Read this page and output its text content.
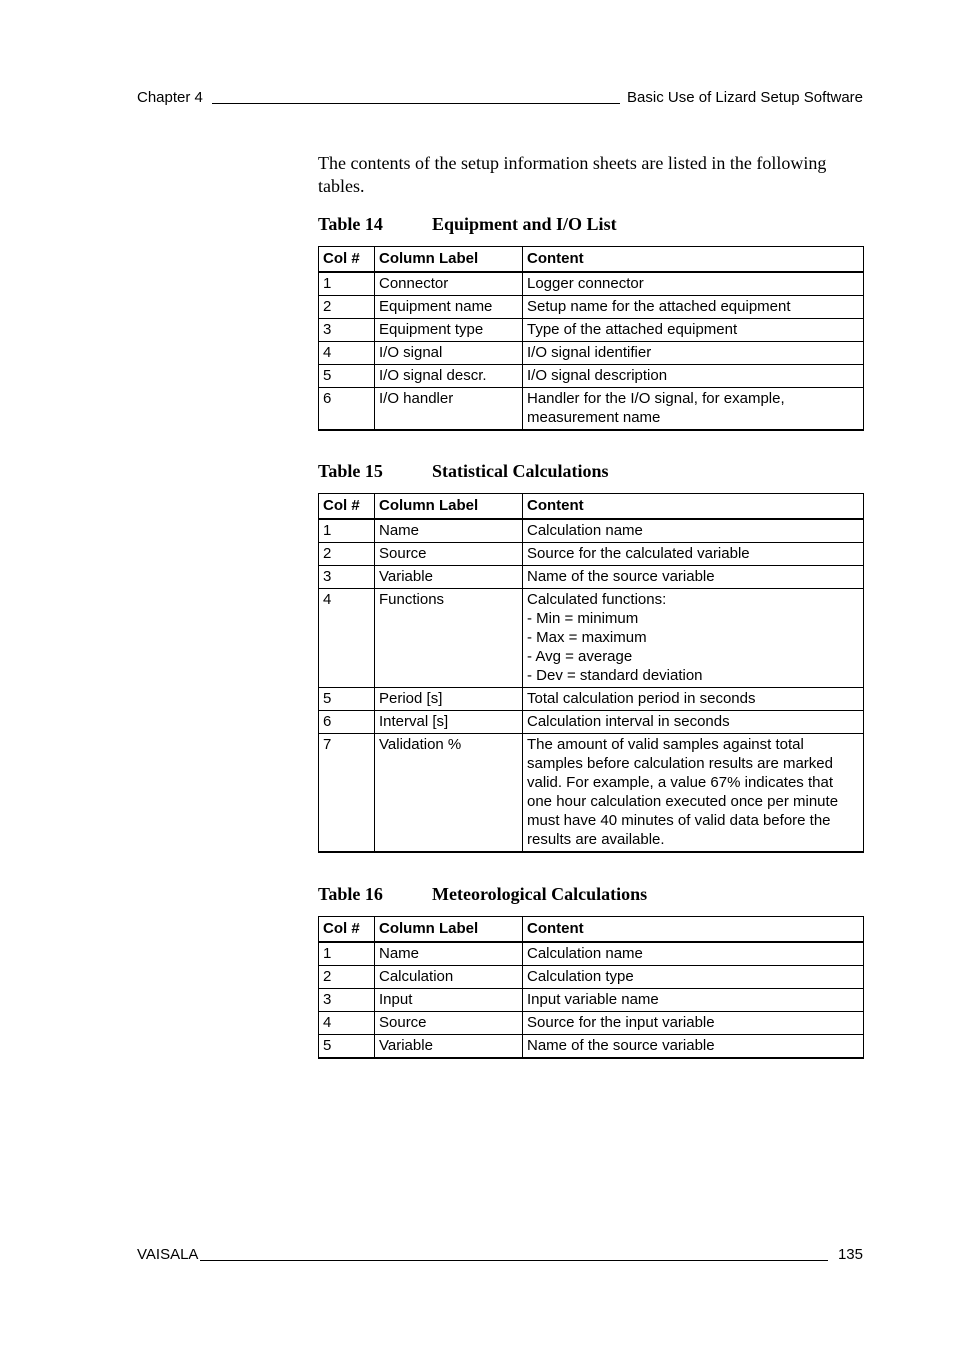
Chapter 4	Basic Use of Lizard Setup Software

The contents of the setup information sheets are listed in the following tables.

Table 14	Equipment and I/O List
Col #	Column Label	Content
1	Connector	Logger connector
2	Equipment name	Setup name for the attached equipment
3	Equipment type	Type of the attached equipment
4	I/O signal	I/O signal identifier
5	I/O signal descr.	I/O signal description
6	I/O handler	Handler for the I/O signal, for example, measurement name
Table 15	Statistical Calculations
Col #	Column Label	Content
1	Name	Calculation name
2	Source	Source for the calculated variable
3	Variable	Name of the source variable
4	Functions	Calculated functions:
- Min = minimum
- Max = maximum
- Avg = average
- Dev = standard deviation
5	Period [s]	Total calculation period in seconds
6	Interval [s]	Calculation interval in seconds
7	Validation %	The amount of valid samples against total samples before calculation results are marked valid. For example, a value 67% indicates that one hour calculation executed once per minute must have 40 minutes of valid data before the results are available.
Table 16	Meteorological Calculations
Col #	Column Label	Content
1	Name	Calculation name
2	Calculation	Calculation type
3	Input	Input variable name
4	Source	Source for the input variable
5	Variable	Name of the source variable
VAISALA	135
